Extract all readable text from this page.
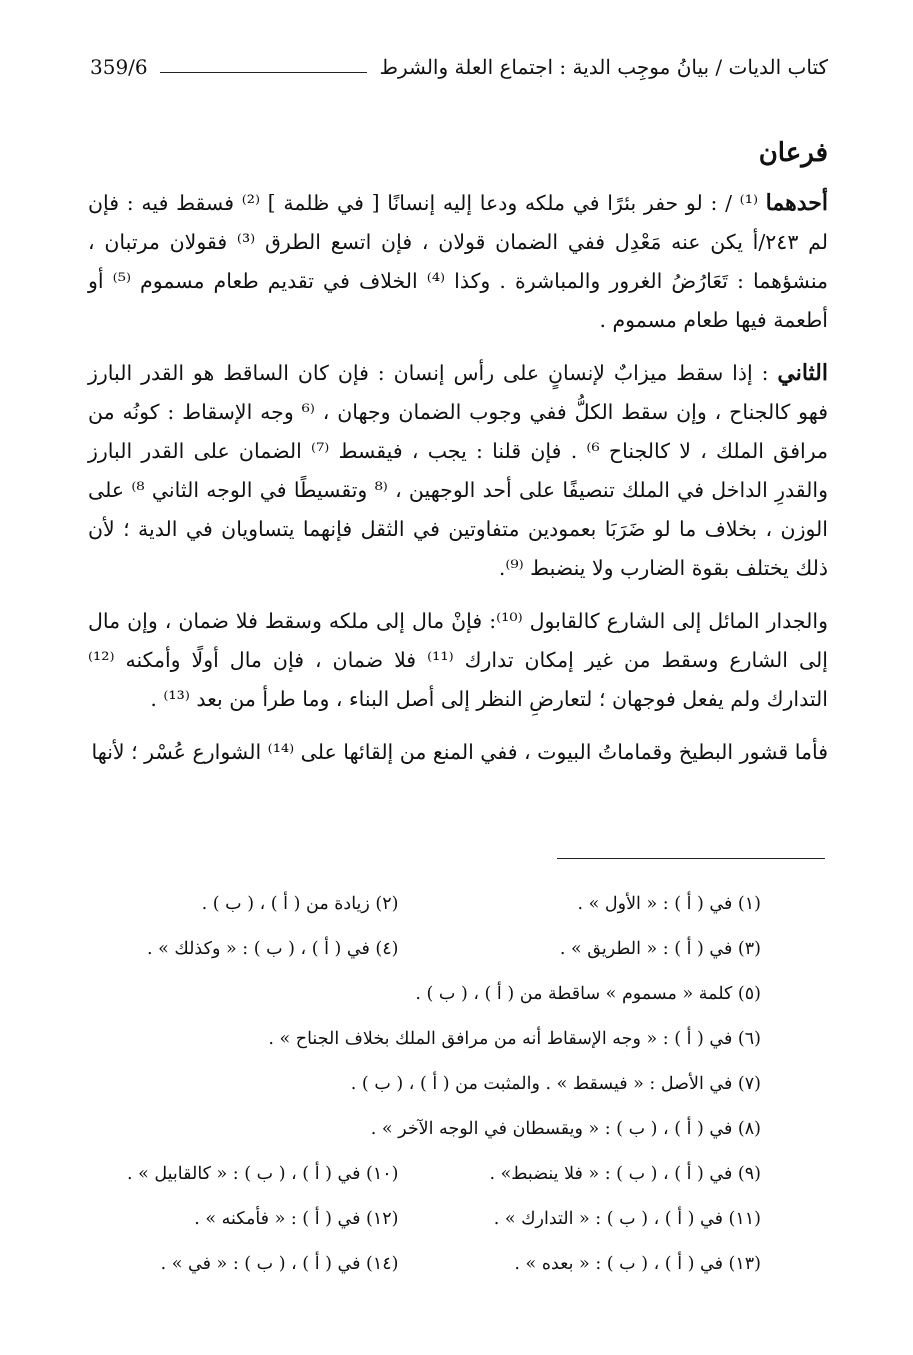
كتاب الديات / بيانُ موجِب الدية : اجتماع العلة والشرط
359/6
فرعان

أحدهما ⁽¹⁾ / : لو حفر بئرًا في ملكه ودعا إليه إنسانًا [ في ظلمة ] ⁽²⁾ فسقط فيه : فإن لم ٢٤٣/أ يكن عنه مَعْدِل ففي الضمان قولان ، فإن اتسع الطرق ⁽³⁾ فقولان مرتبان ، منشؤهما : تَعَارُضُ الغرور والمباشرة . وكذا ⁽⁴⁾ الخلاف في تقديم طعام مسموم ⁽⁵⁾ أو أطعمة فيها طعام مسموم .

الثاني : إذا سقط ميزابٌ لإنسانٍ على رأس إنسان : فإن كان الساقط هو القدر البارز فهو كالجناح ، وإن سقط الكلُّ ففي وجوب الضمان وجهان ، ⁽⁶ وجه الإسقاط : كونُه من مرافق الملك ، لا كالجناح ⁶⁾ . فإن قلنا : يجب ، فيقسط ⁽⁷⁾ الضمان على القدر البارز والقدرِ الداخل في الملك تنصيفًا على أحد الوجهين ، ⁽⁸ وتقسيطًا في الوجه الثاني ⁸⁾ على الوزن ، بخلاف ما لو ضَرَبَا بعمودين متفاوتين في الثقل فإنهما يتساويان في الدية ؛ لأن ذلك يختلف بقوة الضارب ولا ينضبط ⁽⁹⁾.

والجدار المائل إلى الشارع كالقابول ⁽¹⁰⁾: فإنْ مال إلى ملكه وسقط فلا ضمان ، وإن مال إلى الشارع وسقط من غير إمكان تدارك ⁽¹¹⁾ فلا ضمان ، فإن مال أولًا وأمكنه ⁽¹²⁾ التدارك ولم يفعل فوجهان ؛ لتعارضِ النظر إلى أصل البناء ، وما طرأ من بعد ⁽¹³⁾ .

فأما قشور البطيخ وقماماتُ البيوت ، ففي المنع من إلقائها على ⁽¹⁴⁾ الشوارع عُسْر ؛ لأنها

(١) في ( أ ) : « الأول » .
(٢) زيادة من ( أ ) ، ( ب ) .
(٣) في ( أ ) : « الطريق » .
(٤) في ( أ ) ، ( ب ) : « وكذلك » .
(٥) كلمة « مسموم » ساقطة من ( أ ) ، ( ب ) .
(٦) في ( أ ) : « وجه الإسقاط أنه من مرافق الملك بخلاف الجناح » .
(٧) في الأصل : « فيسقط » . والمثبت من ( أ ) ، ( ب ) .
(٨) في ( أ ) ، ( ب ) : « ويقسطان في الوجه الآخر » .
(٩) في ( أ ) ، ( ب ) : « فلا ينضبط» .
(١٠) في ( أ ) ، ( ب ) : « كالقابيل » .
(١١) في ( أ ) ، ( ب ) : « التدارك » .
(١٢) في ( أ ) : « فأمكنه » .
(١٣) في ( أ ) ، ( ب ) : « بعده » .
(١٤) في ( أ ) ، ( ب ) : « في » .
